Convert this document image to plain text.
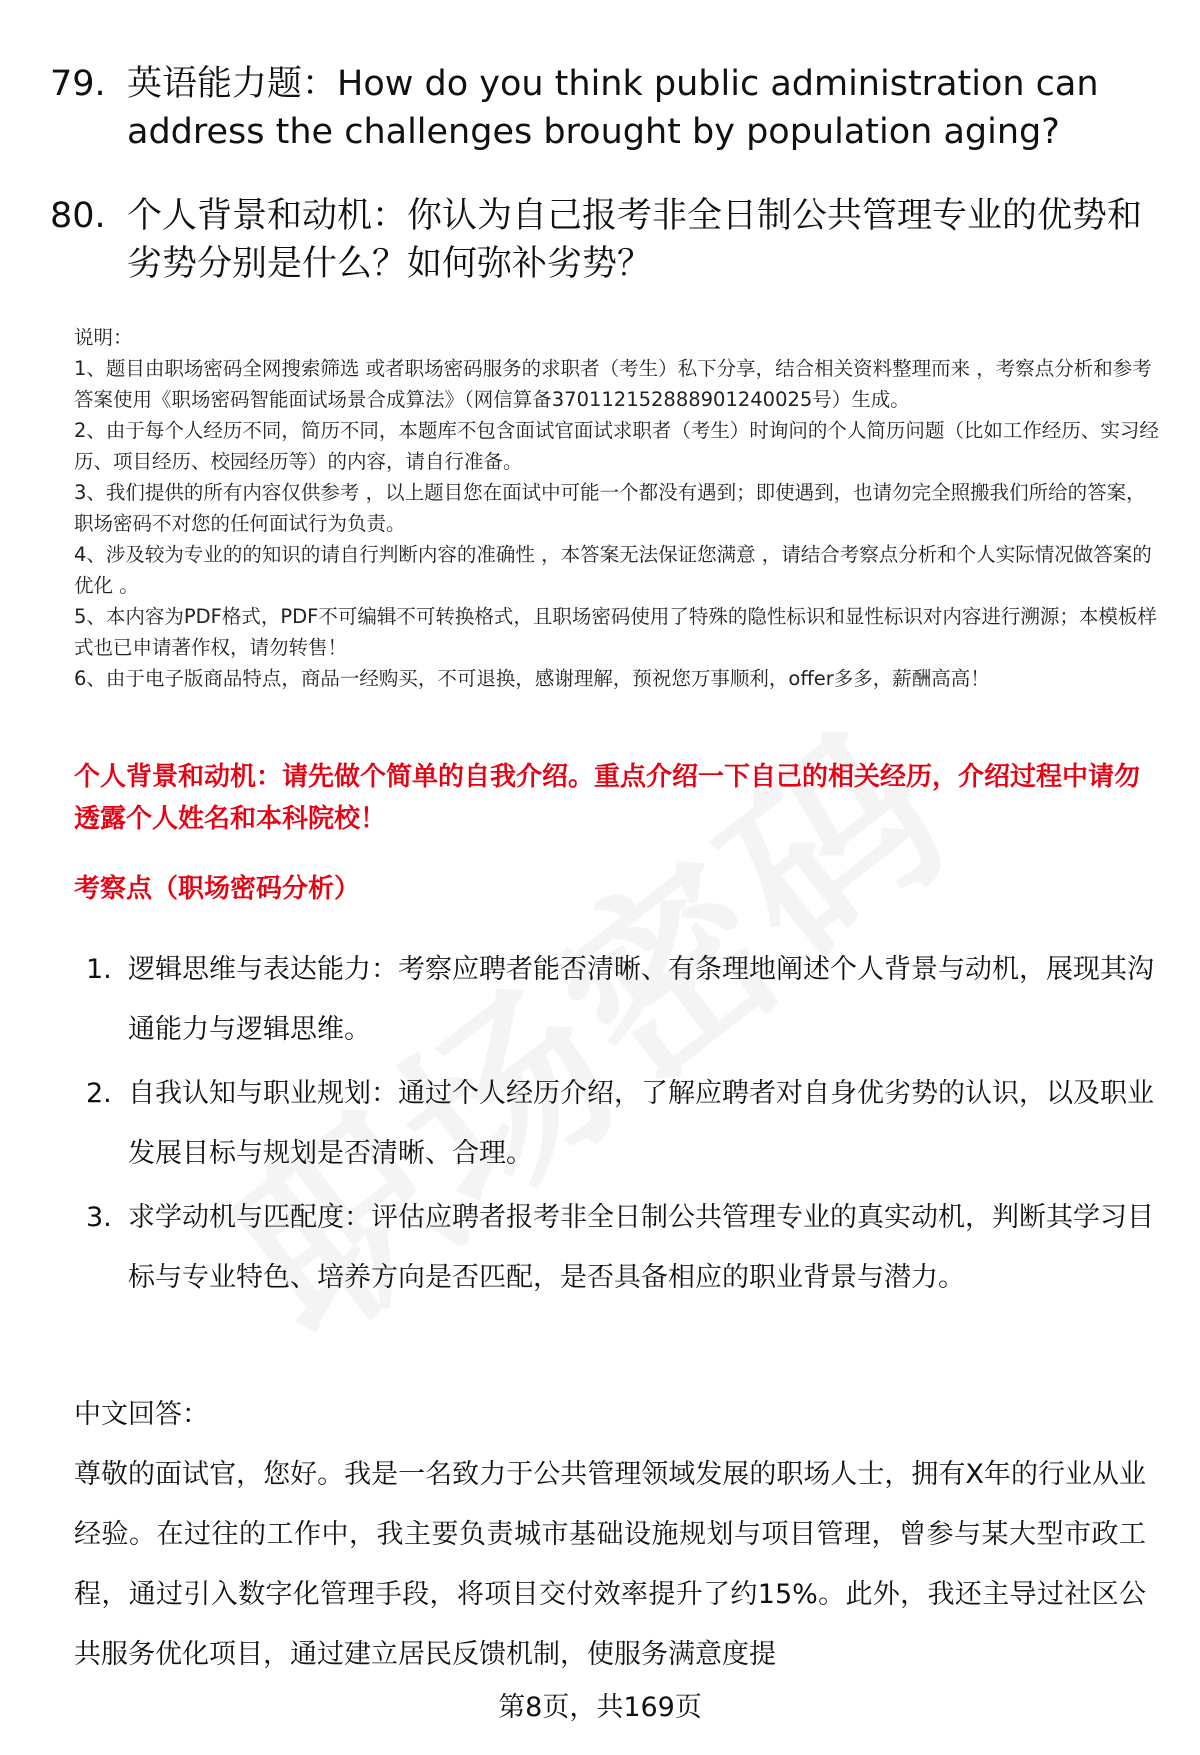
79. 英语能力题：How do you think public administration can address the challenges brought by population aging?
80. 个人背景和动机：你认为自己报考非全日制公共管理专业的优势和劣势分别是什么？如何弥补劣势？

说明：

1、题目由职场密码全网搜索筛选 或者职场密码服务的求职者（考生）私下分享，结合相关资料整理而来 ，考察点分析和参考答案使用《职场密码智能面试场景合成算法》（网信算备370112152888901240025号）生成。

2、由于每个人经历不同，简历不同，本题库不包含面试官面试求职者（考生）时询问的个人简历问题（比如工作经历、实习经历、项目经历、校园经历等）的内容，请自行准备。

3、我们提供的所有内容仅供参考 ，以上题目您在面试中可能一个都没有遇到；即使遇到，也请勿完全照搬我们所给的答案，职场密码不对您的任何面试行为负责。

4、涉及较为专业的的知识的请自行判断内容的准确性 ，本答案无法保证您满意 ，请结合考察点分析和个人实际情况做答案的优化 。

5、本内容为PDF格式，PDF不可编辑不可转换格式，且职场密码使用了特殊的隐性标识和显性标识对内容进行溯源；本模板样式也已申请著作权，请勿转售！

6、由于电子版商品特点，商品一经购买，不可退换，感谢理解，预祝您万事顺利，offer多多，薪酬高高！

个人背景和动机：请先做个简单的自我介绍。重点介绍一下自己的相关经历，介绍过程中请勿透露个人姓名和本科院校！
考察点（职场密码分析）
1. 逻辑思维与表达能力：考察应聘者能否清晰、有条理地阐述个人背景与动机，展现其沟通能力与逻辑思维。
2. 自我认知与职业规划：通过个人经历介绍，了解应聘者对自身优劣势的认识，以及职业发展目标与规划是否清晰、合理。
3. 求学动机与匹配度：评估应聘者报考非全日制公共管理专业的真实动机，判断其学习目标与专业特色、培养方向是否匹配，是否具备相应的职业背景与潜力。
中文回答：
尊敬的面试官，您好。我是一名致力于公共管理领域发展的职场人士，拥有X年的行业从业经验。在过往的工作中，我主要负责城市基础设施规划与项目管理，曾参与某大型市政工程，通过引入数字化管理手段，将项目交付效率提升了约15%。此外，我还主导过社区公共服务优化项目，通过建立居民反馈机制，使服务满意度提
第8页，共169页
